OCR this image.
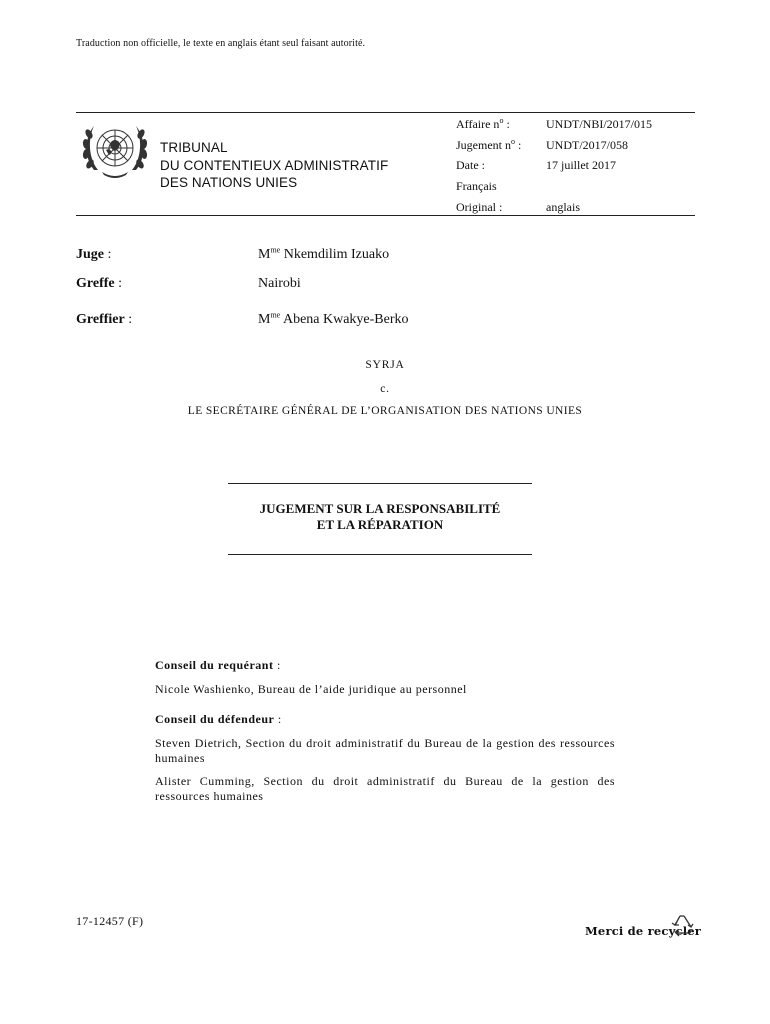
Traduction non officielle, le texte en anglais étant seul faisant autorité.
TRIBUNAL
DU CONTENTIEUX ADMINISTRATIF
DES NATIONS UNIES
Affaire $n^o$ :	UNDT/NBI/2017/015
Jugement $n^o$ : UNDT/2017/058
Date :	17 juillet 2017
Français
Original :	anglais
Juge :	$M^{me}$ Nkemdilim Izuako
Greffe :	Nairobi
Greffier :	$M^{me}$ Abena Kwakye-Berko
SYRJA
c.
LE SECRÉTAIRE GÉNÉRAL DE L’ORGANISATION DES NATIONS UNIES
JUGEMENT SUR LA RESPONSABILITÉ
ET LA RÉPARATION
Conseil du requérant :
Nicole Washienko, Bureau de l’aide juridique au personnel
Conseil du défendeur :
Steven Dietrich, Section du droit administratif du Bureau de la gestion des ressources humaines
Alister Cumming, Section du droit administratif du Bureau de la gestion des ressources humaines
17-12457 (F)
Merci de recycler
